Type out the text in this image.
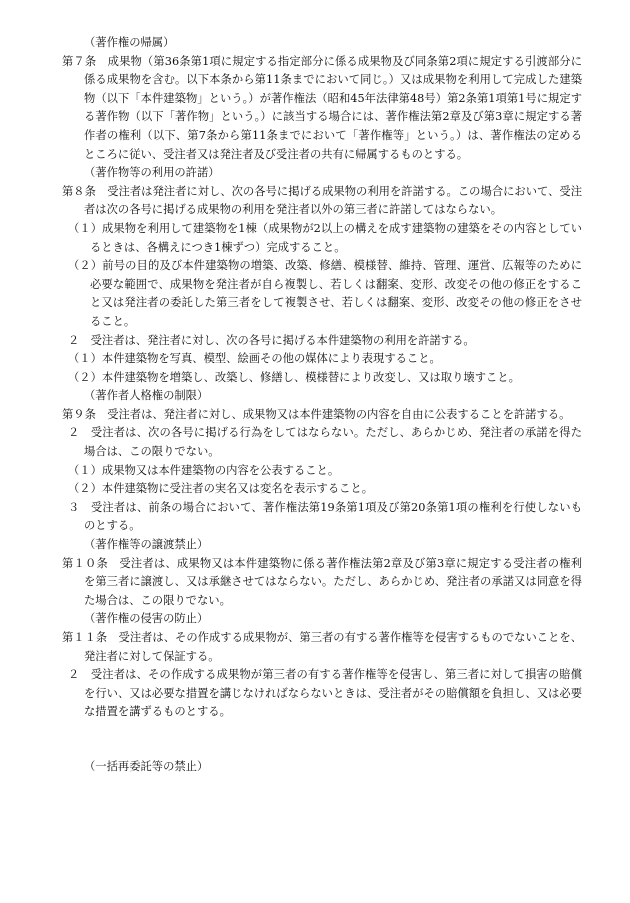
（著作権の帰属）

第７条　成果物（第36条第1項に規定する指定部分に係る成果物及び同条第2項に規定する引渡部分に係る成果物を含む。以下本条から第11条までにおいて同じ。）又は成果物を利用して完成した建築物（以下「本件建築物」という。）が著作権法（昭和45年法律第48号）第2条第1項第1号に規定する著作物（以下「著作物」という。）に該当する場合には、著作権法第2章及び第3章に規定する著作者の権利（以下、第7条から第11条までにおいて「著作権等」という。）は、著作権法の定めるところに従い、受注者又は発注者及び受注者の共有に帰属するものとする。

（著作物等の利用の許諾）

第８条　受注者は発注者に対し、次の各号に掲げる成果物の利用を許諾する。この場合において、受注者は次の各号に掲げる成果物の利用を発注者以外の第三者に許諾してはならない。

（１）成果物を利用して建築物を1棟（成果物が2以上の構えを成す建築物の建築をその内容としているときは、各構えにつき1棟ずつ）完成すること。

（２）前号の目的及び本件建築物の増築、改築、修繕、模様替、維持、管理、運営、広報等のために必要な範囲で、成果物を発注者が自ら複製し、若しくは翻案、変形、改変その他の修正をすること又は発注者の委託した第三者をして複製させ、若しくは翻案、変形、改変その他の修正をさせること。

２　受注者は、発注者に対し、次の各号に掲げる本件建築物の利用を許諾する。

（１）本件建築物を写真、模型、絵画その他の媒体により表現すること。

（２）本件建築物を増築し、改築し、修繕し、模様替により改変し、又は取り壊すこと。

（著作者人格権の制限）

第９条　受注者は、発注者に対し、成果物又は本件建築物の内容を自由に公表することを許諾する。

２　受注者は、次の各号に掲げる行為をしてはならない。ただし、あらかじめ、発注者の承諾を得た場合は、この限りでない。

（１）成果物又は本件建築物の内容を公表すること。

（２）本件建築物に受注者の実名又は変名を表示すること。

３　受注者は、前条の場合において、著作権法第19条第1項及び第20条第1項の権利を行使しないものとする。

（著作権等の譲渡禁止）

第１０条　受注者は、成果物又は本件建築物に係る著作権法第2章及び第3章に規定する受注者の権利を第三者に譲渡し、又は承継させてはならない。ただし、あらかじめ、発注者の承諾又は同意を得た場合は、この限りでない。

（著作権の侵害の防止）

第１１条　受注者は、その作成する成果物が、第三者の有する著作権等を侵害するものでないことを、発注者に対して保証する。

２　受注者は、その作成する成果物が第三者の有する著作権等を侵害し、第三者に対して損害の賠償を行い、又は必要な措置を講じなければならないときは、受注者がその賠償額を負担し、又は必要な措置を講ずるものとする。

（一括再委託等の禁止）
